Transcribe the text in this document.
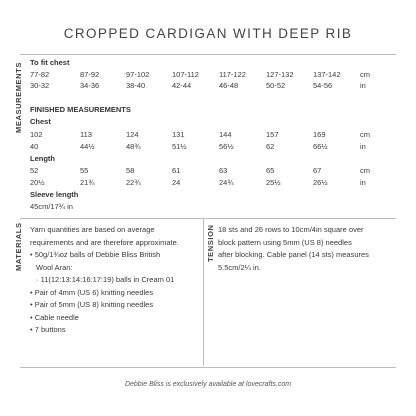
CROPPED CARDIGAN WITH DEEP RIB
MEASUREMENTS To fit chest
77-82	87-92	97-102	107-112	117-122	127-132	137-142	cm
30-32	34-36	38-40	42-44	46-48	50-52	54-56	in
FINISHED MEASUREMENTS
Chest
102	113	124	131	144	157	169	cm
40	44½	48¾	51½	56½	62	66½	in
Length
52	55	58	61	63	65	67	cm
20½	21¾	22¾	24	24¾	25½	26½	in
Sleeve length
45cm/17¾ in
MATERIALS Yarn quantities are based on average
requirements and are therefore approximate.
• 50g/1¾oz balls of Debbie Bliss British
Wool Aran:
· 11(12:13:14:16:17:19) balls in Cream 01
• Pair of 4mm (US 6) knitting needles
• Pair of 5mm (US 8) knitting needles
• Cable needle
• 7 buttons
TENSION 18 sts and 26 rows to 10cm/4in square over
block pattern using 5mm (US 8) needles
after blocking. Cable panel (14 sts) measures
5.5cm/2¼ in.
Debbie Bliss is exclusively available at lovecrafts.com
